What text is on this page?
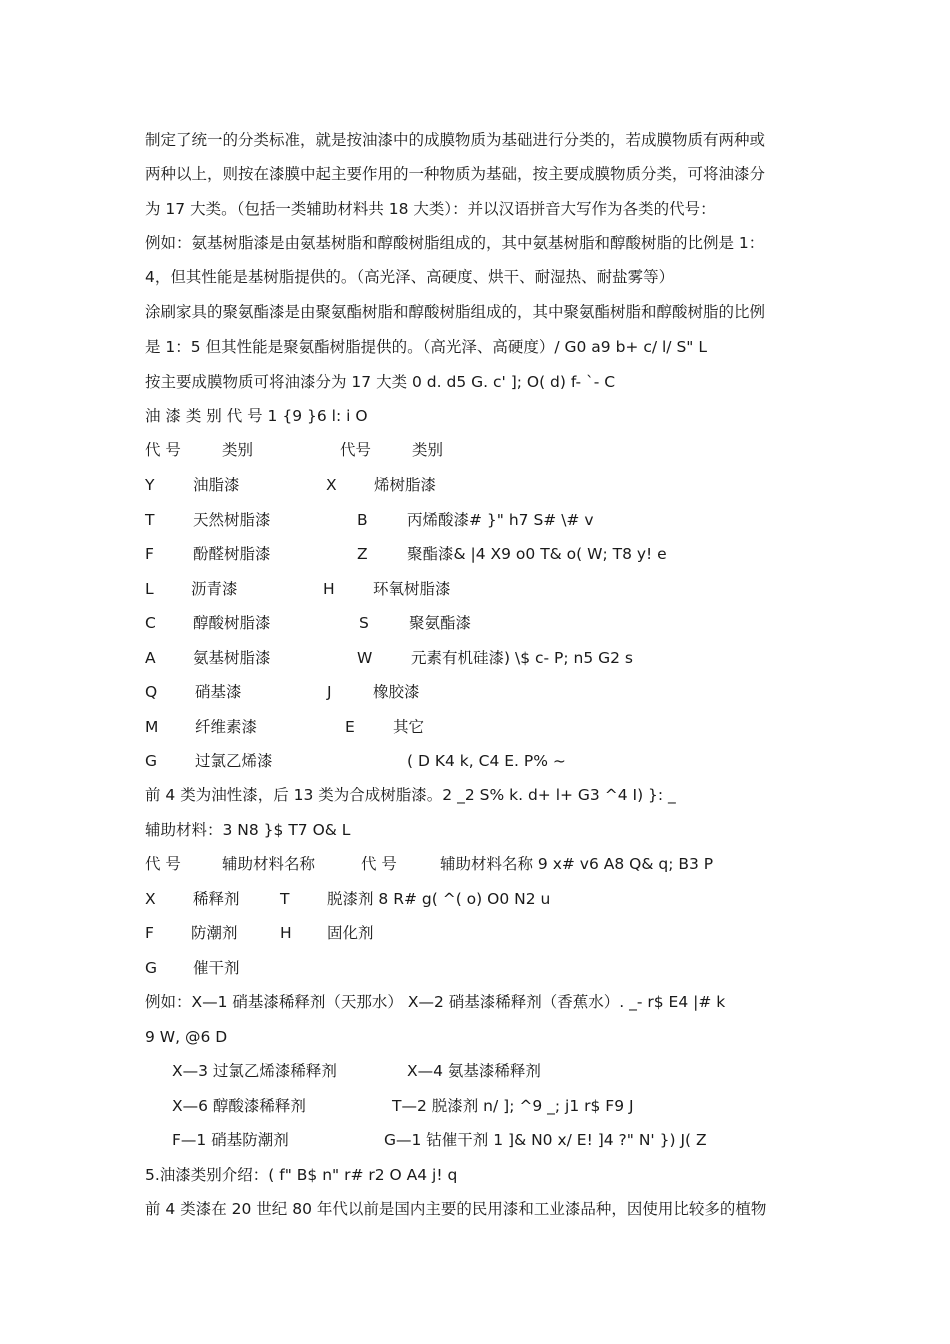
制定了统一的分类标准，就是按油漆中的成膜物质为基础进行分类的，若成膜物质有两种或
两种以上，则按在漆膜中起主要作用的一种物质为基础，按主要成膜物质分类，可将油漆分
为 17 大类。（包括一类辅助材料共 18 大类）：并以汉语拼音大写作为各类的代号：
例如：氨基树脂漆是由氨基树脂和醇酸树脂组成的，其中氨基树脂和醇酸树脂的比例是 1：
4，但其性能是基树脂提供的。（高光泽、高硬度、烘干、耐湿热、耐盐雾等）
涂刷家具的聚氨酯漆是由聚氨酯树脂和醇酸树脂组成的，其中聚氨酯树脂和醇酸树脂的比例
是 1：5 但其性能是聚氨酯树脂提供的。（高光泽、高硬度）/ G0 a9 b+ c/ l/ S" L
按主要成膜物质可将油漆分为 17 大类 0 d. d5 G. c' ]; O( d) f- `- C
油 漆 类 别 代 号 1 {9 }6 l: i O
代 号	类别	代号	类别
Y 油脂漆	X 烯树脂漆
T 天然树脂漆	B	丙烯酸漆# }" h7 S# \# v
F	酚醛树脂漆	Z	聚酯漆& |4 X9 o0 T& o( W; T8 y! e
L 沥青漆	H 环氧树脂漆
C 醇酸树脂漆	S	聚氨酯漆
A 氨基树脂漆	W 元素有机硅漆) \$ c- P; n5 G2 s
Q 硝基漆	J	橡胶漆
M 纤维素漆	E 其它
G 过氯乙烯漆	( D K4 k, C4 E. P% ~
前 4 类为油性漆，后 13 类为合成树脂漆。2 _2 S% k. d+ l+ G3 ^4 I) }: _
辅助材料：3 N8 }$ T7 O& L
代 号	辅助材料名称	代 号	辅助材料名称 9 x# v6 A8 Q& q; B3 P
X 稀释剂	T 脱漆剂 8 R# g( ^( o) O0 N2 u
F 防潮剂	H 固化剂
G 催干剂
例如：X—1 硝基漆稀释剂（天那水） X—2 硝基漆稀释剂（香蕉水）. _- r$ E4 |# k
9 W, @6 D
X—3 过氯乙烯漆稀释剂	X—4 氨基漆稀释剂
X—6 醇酸漆稀释剂	T—2 脱漆剂 n/ ]; ^9 _; j1 r$ F9 J
F—1 硝基防潮剂	G—1 钴催干剂 1 ]& N0 x/ E! ]4 ?" N' }) J( Z
5.油漆类别介绍：( f" B$ n" r# r2 O A4 j! q
前 4 类漆在 20 世纪 80 年代以前是国内主要的民用漆和工业漆品种，因使用比较多的植物
